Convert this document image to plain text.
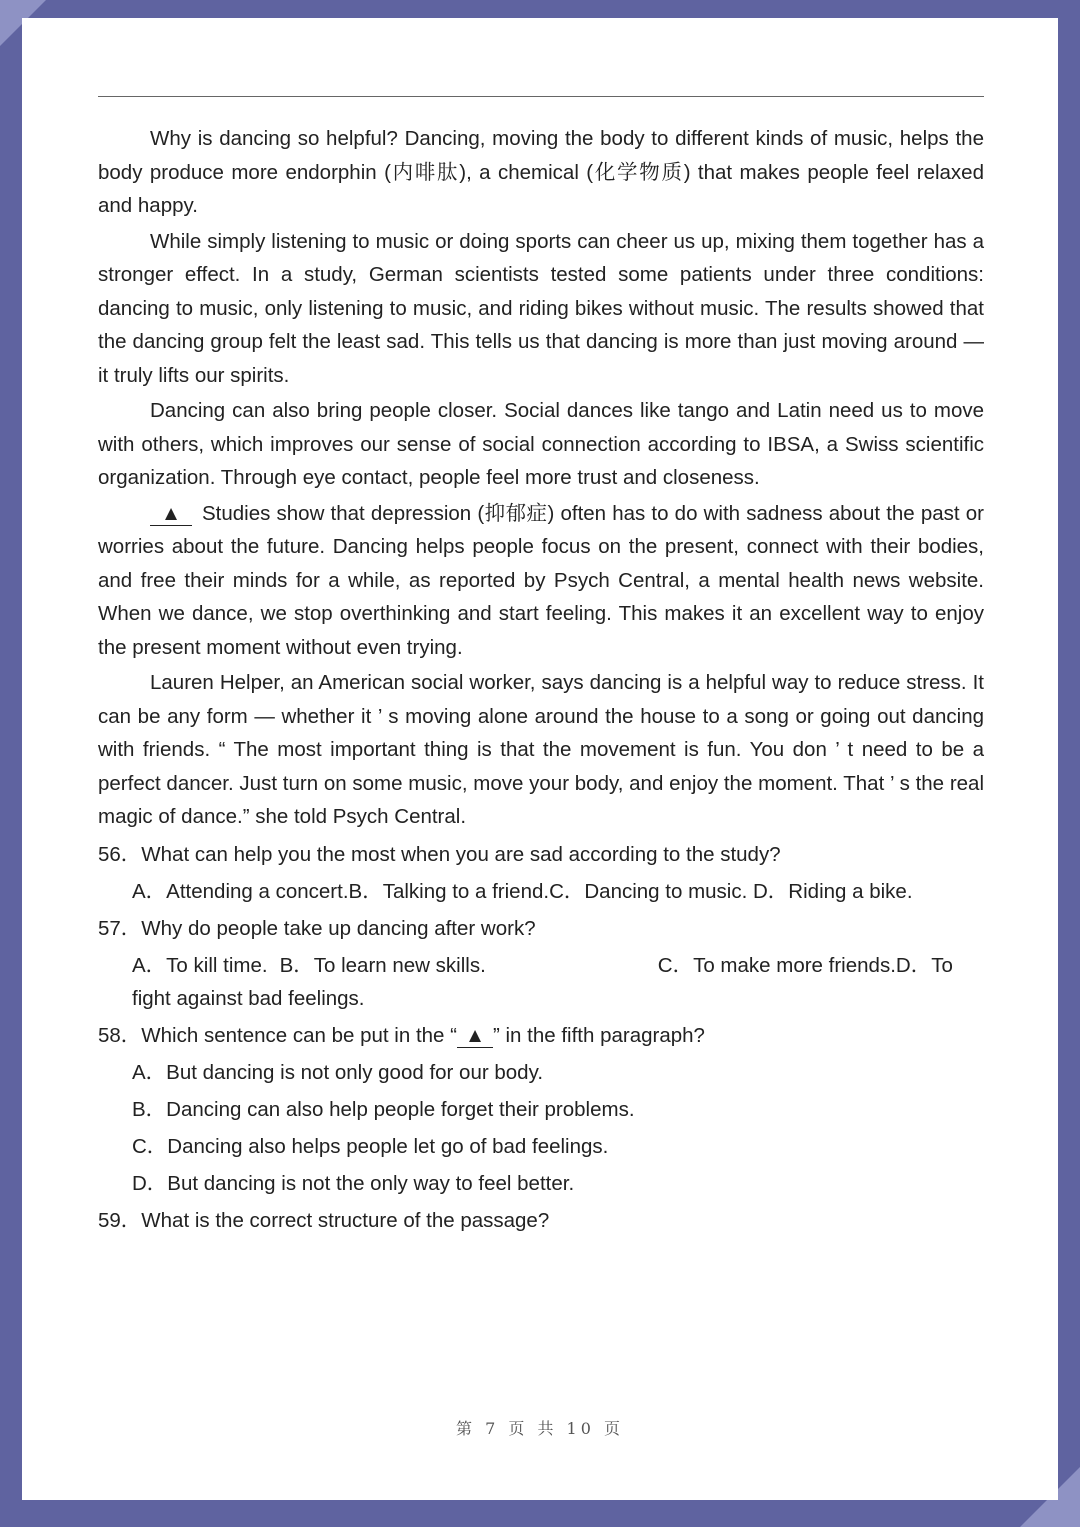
Why is dancing so helpful? Dancing, moving the body to different kinds of music, helps the body produce more endorphin (内啡肽), a chemical (化学物质) that makes people feel relaxed and happy.

While simply listening to music or doing sports can cheer us up, mixing them together has a stronger effect. In a study, German scientists tested some patients under three conditions: dancing to music, only listening to music, and riding bikes without music. The results showed that the dancing group felt the least sad. This tells us that dancing is more than just moving around — it truly lifts our spirits.

Dancing can also bring people closer. Social dances like tango and Latin need us to move with others, which improves our sense of social connection according to IBSA, a Swiss scientific organization. Through eye contact, people feel more trust and closeness.

▲ Studies show that depression (抑郁症) often has to do with sadness about the past or worries about the future. Dancing helps people focus on the present, connect with their bodies, and free their minds for a while, as reported by Psych Central, a mental health news website. When we dance, we stop overthinking and start feeling. This makes it an excellent way to enjoy the present moment without even trying.

Lauren Helper, an American social worker, says dancing is a helpful way to reduce stress. It can be any form — whether it ’ s moving alone around the house to a song or going out dancing with friends. “ The most important thing is that the movement is fun. You don ’ t need to be a perfect dancer. Just turn on some music, move your body, and enjoy the moment. That ’ s the real magic of dance.” she told Psych Central.

56．What can help you the most when you are sad according to the study?
A．Attending a concert.B．Talking to a friend.C．Dancing to music. D．Riding a bike.
57．Why do people take up dancing after work?
A．To kill time. B．To learn new skills.	C．To make more friends.D．To fight against bad feelings.
58．Which sentence can be put in the “ ▲ ” in the fifth paragraph?
A．But dancing is not only good for our body.
B．Dancing can also help people forget their problems.
C．Dancing also helps people let go of bad feelings.
D．But dancing is not the only way to feel better.
59．What is the correct structure of the passage?
第 7 页 共 10 页
